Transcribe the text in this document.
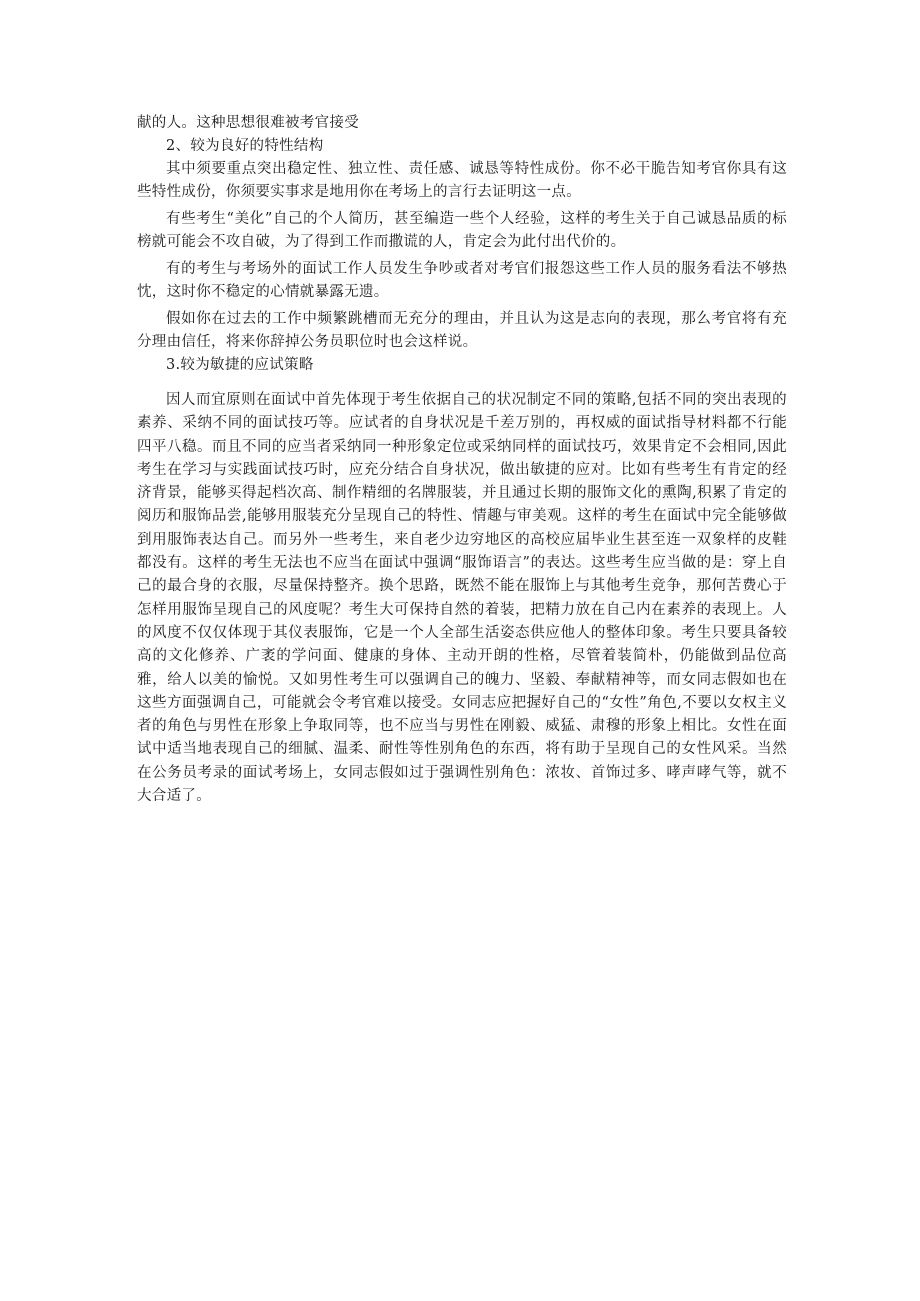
献的人。这种思想很难被考官接受

2、较为良好的特性结构

其中须要重点突出稳定性、独立性、责任感、诚恳等特性成份。你不必干脆告知考官你具有这些特性成份，你须要实事求是地用你在考场上的言行去证明这一点。

有些考生“美化”自己的个人简历，甚至编造一些个人经验，这样的考生关于自己诚恳品质的标榜就可能会不攻自破，为了得到工作而撒谎的人，肯定会为此付出代价的。

有的考生与考场外的面试工作人员发生争吵或者对考官们报怨这些工作人员的服务看法不够热忱，这时你不稳定的心情就暴露无遗。

假如你在过去的工作中频繁跳槽而无充分的理由，并且认为这是志向的表现，那么考官将有充分理由信任，将来你辞掉公务员职位时也会这样说。

3.较为敏捷的应试策略

因人而宜原则在面试中首先体现于考生依据自己的状况制定不同的策略,包括不同的突出表现的素养、采纳不同的面试技巧等。应试者的自身状况是千差万别的，再权威的面试指导材料都不行能四平八稳。而且不同的应当者采纳同一种形象定位或采纳同样的面试技巧，效果肯定不会相同,因此考生在学习与实践面试技巧时，应充分结合自身状况，做出敏捷的应对。比如有些考生有肯定的经济背景，能够买得起档次高、制作精细的名牌服装，并且通过长期的服饰文化的熏陶,积累了肯定的阅历和服饰品尝,能够用服装充分呈现自己的特性、情趣与审美观。这样的考生在面试中完全能够做到用服饰表达自己。而另外一些考生，来自老少边穷地区的高校应届毕业生甚至连一双象样的皮鞋都没有。这样的考生无法也不应当在面试中强调“服饰语言”的表达。这些考生应当做的是：穿上自己的最合身的衣服，尽量保持整齐。换个思路，既然不能在服饰上与其他考生竞争，那何苦费心于怎样用服饰呈现自己的风度呢？考生大可保持自然的着装，把精力放在自己内在素养的表现上。人的风度不仅仅体现于其仪表服饰，它是一个人全部生活姿态供应他人的整体印象。考生只要具备较高的文化修养、广袤的学问面、健康的身体、主动开朗的性格，尽管着装简朴，仍能做到品位高雅，给人以美的愉悦。又如男性考生可以强调自己的魄力、坚毅、奉献精神等，而女同志假如也在这些方面强调自己，可能就会令考官难以接受。女同志应把握好自己的“女性”角色,不要以女权主义者的角色与男性在形象上争取同等，也不应当与男性在刚毅、威猛、肃穆的形象上相比。女性在面试中适当地表现自己的细腻、温柔、耐性等性别角色的东西，将有助于呈现自己的女性风采。当然在公务员考录的面试考场上，女同志假如过于强调性别角色：浓妆、首饰过多、哮声哮气等，就不大合适了。
